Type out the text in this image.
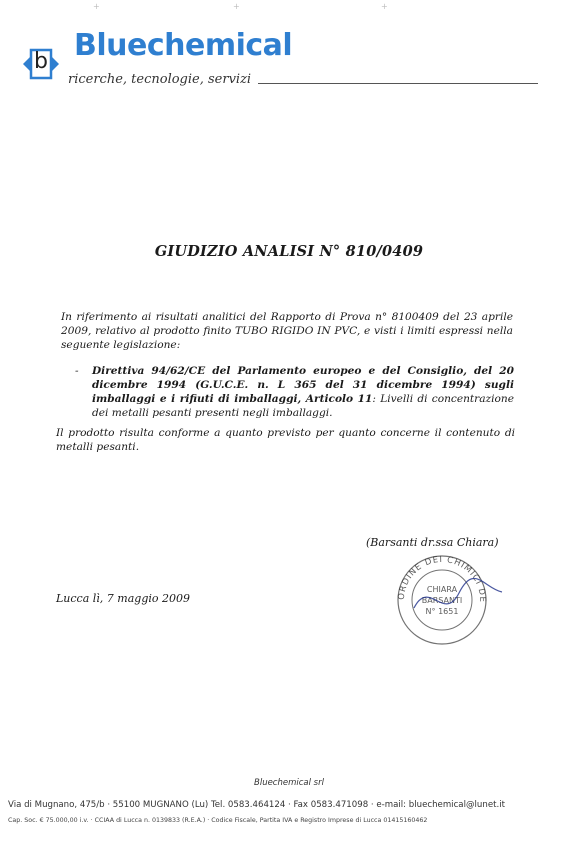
+	+	+
b Bluechemical
ricerche, tecnologie, servizi
GIUDIZIO ANALISI N° 810/0409
In riferimento ai risultati analitici del Rapporto di Prova n° 8100409 del 23 aprile 2009, relativo al prodotto finito TUBO RIGIDO IN PVC, e visti i limiti espressi nella seguente legislazione:
- Direttiva 94/62/CE del Parlamento europeo e del Consiglio, del 20 dicembre 1994 (G.U.C.E. n. L 365 del 31 dicembre 1994) sugli imballaggi e i rifiuti di imballaggi, Articolo 11: Livelli di concentrazione dei metalli pesanti presenti negli imballaggi.
Il prodotto risulta conforme a quanto previsto per quanto concerne il contenuto di metalli pesanti.
(Barsanti dr.ssa Chiara)
Lucca lì, 7 maggio 2009	ORDINE DEI CHIMICI DE
CHIARA
BARSANTI
N° 1651
Bluechemical srl
Via di Mugnano, 475/b · 55100 MUGNANO (Lu) Tel. 0583.464124 · Fax 0583.471098 · e-mail: bluechemical@lunet.it
Cap. Soc. € 75.000,00 i.v. · CCIAA di Lucca n. 0139833 (R.E.A.) · Codice Fiscale, Partita IVA e Registro Imprese di Lucca 01415160462
